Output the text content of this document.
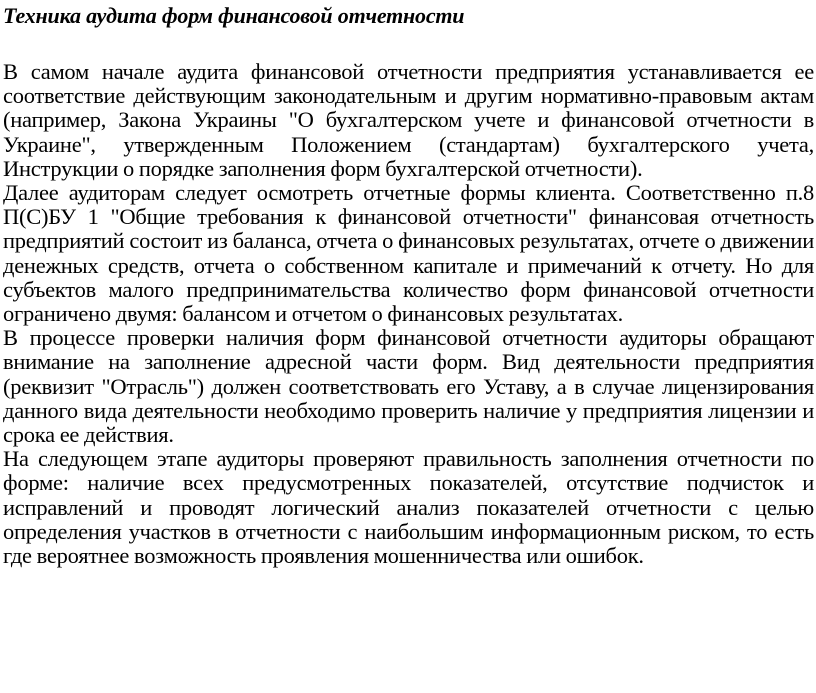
Техника аудита форм финансовой отчетности

В самом начале аудита финансовой отчетности предприятия устанавливается ее соответствие действующим законодательным и другим нормативно-правовым актам (например, Закона Украины "О бухгалтерском учете и финансовой отчетности в Украине", утвержденным Положением (стандартам) бухгалтерского учета, Инструкции о порядке заполнения форм бухгалтерской отчетности).

Далее аудиторам следует осмотреть отчетные формы клиента. Соответственно п.8 П(С)БУ 1 "Общие требования к финансовой отчетности" финансовая отчетность предприятий состоит из баланса, отчета о финансовых результатах, отчете о движении денежных средств, отчета о собственном капитале и примечаний к отчету. Но для субъектов малого предпринимательства количество форм финансовой отчетности ограничено двумя: балансом и отчетом о финансовых результатах.

В процессе проверки наличия форм финансовой отчетности аудиторы обращают внимание на заполнение адресной части форм. Вид деятельности предприятия (реквизит "Отрасль") должен соответствовать его Уставу, а в случае лицензирования данного вида деятельности необходимо проверить наличие у предприятия лицензии и срока ее действия.

На следующем этапе аудиторы проверяют правильность заполнения отчетности по форме: наличие всех предусмотренных показателей, отсутствие подчисток и исправлений и проводят логический анализ показателей отчетности с целью определения участков в отчетности с наибольшим информационным риском, то есть где вероятнее возможность проявления мошенничества или ошибок.
